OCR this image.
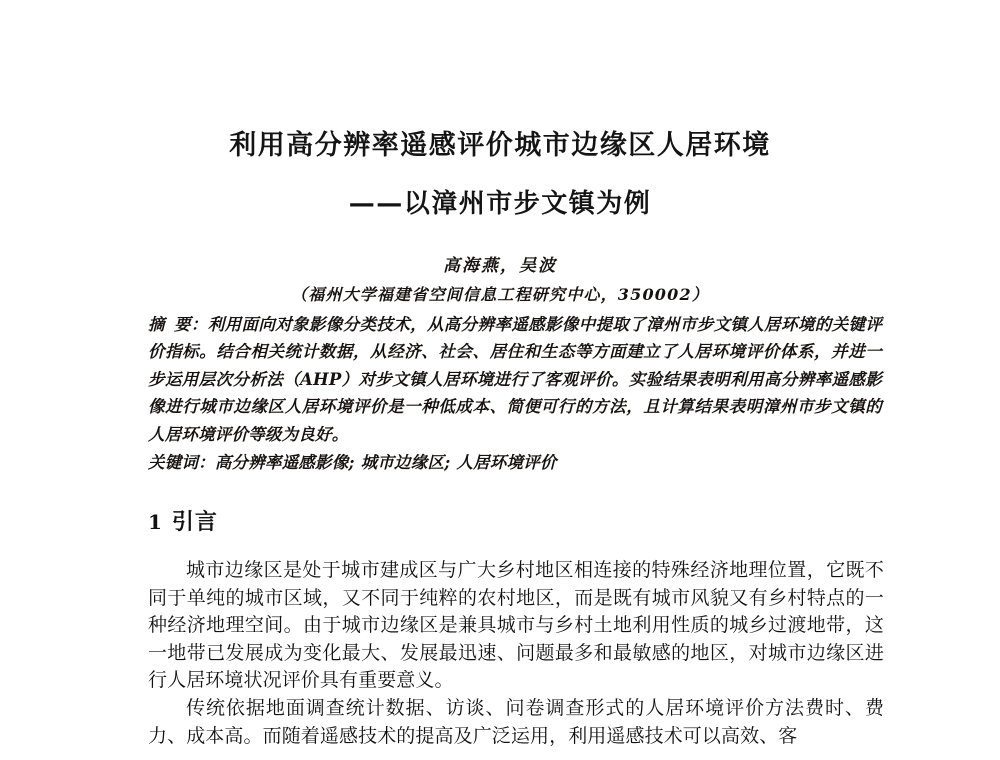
利用高分辨率遥感评价城市边缘区人居环境
——以漳州市步文镇为例
高海燕，吴波
（福州大学福建省空间信息工程研究中心，350002）
摘 要：利用面向对象影像分类技术，从高分辨率遥感影像中提取了漳州市步文镇人居环境的关键评价指标。结合相关统计数据，从经济、社会、居住和生态等方面建立了人居环境评价体系，并进一步运用层次分析法（AHP）对步文镇人居环境进行了客观评价。实验结果表明利用高分辨率遥感影像进行城市边缘区人居环境评价是一种低成本、简便可行的方法，且计算结果表明漳州市步文镇的人居环境评价等级为良好。
关键词：高分辨率遥感影像; 城市边缘区; 人居环境评价
1 引言

城市边缘区是处于城市建成区与广大乡村地区相连接的特殊经济地理位置，它既不同于单纯的城市区域，又不同于纯粹的农村地区，而是既有城市风貌又有乡村特点的一种经济地理空间。由于城市边缘区是兼具城市与乡村土地利用性质的城乡过渡地带，这一地带已发展成为变化最大、发展最迅速、问题最多和最敏感的地区，对城市边缘区进行人居环境状况评价具有重要意义。

传统依据地面调查统计数据、访谈、问卷调查形式的人居环境评价方法费时、费力、成本高。而随着遥感技术的提高及广泛运用，利用遥感技术可以高效、客
